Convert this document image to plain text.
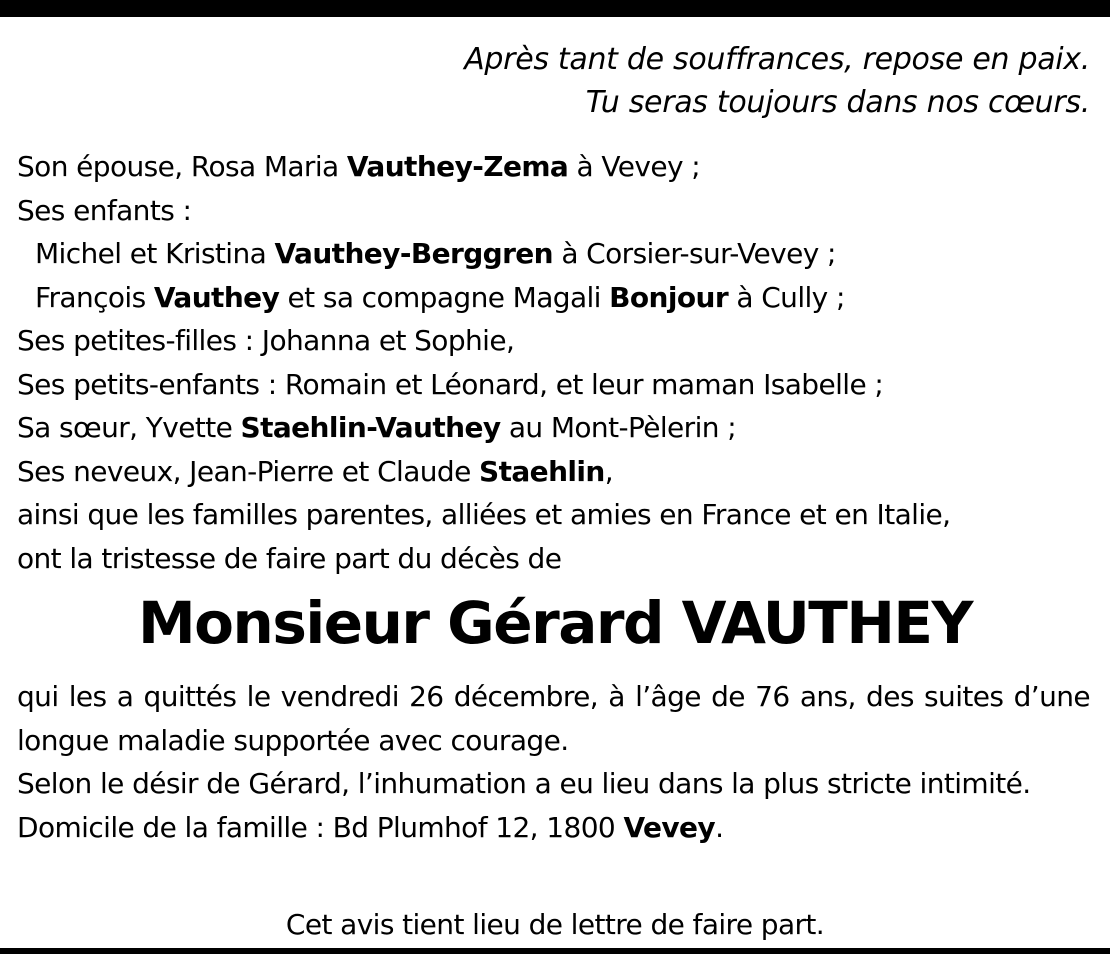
Après tant de souffrances, repose en paix.
Tu seras toujours dans nos cœurs.
Son épouse, Rosa Maria Vauthey-Zema à Vevey ;
Ses enfants :
Michel et Kristina Vauthey-Berggren à Corsier-sur-Vevey ;
François Vauthey et sa compagne Magali Bonjour à Cully ;
Ses petites-filles : Johanna et Sophie,
Ses petits-enfants : Romain et Léonard, et leur maman Isabelle ;
Sa sœur, Yvette Staehlin-Vauthey au Mont-Pèlerin ;
Ses neveux, Jean-Pierre et Claude Staehlin,
ainsi que les familles parentes, alliées et amies en France et en Italie,
ont la tristesse de faire part du décès de
Monsieur Gérard VAUTHEY
qui les a quittés le vendredi 26 décembre, à l’âge de 76 ans, des suites d’une longue maladie supportée avec courage.
Selon le désir de Gérard, l’inhumation a eu lieu dans la plus stricte intimité.
Domicile de la famille : Bd Plumhof 12, 1800 Vevey.
Cet avis tient lieu de lettre de faire part.
